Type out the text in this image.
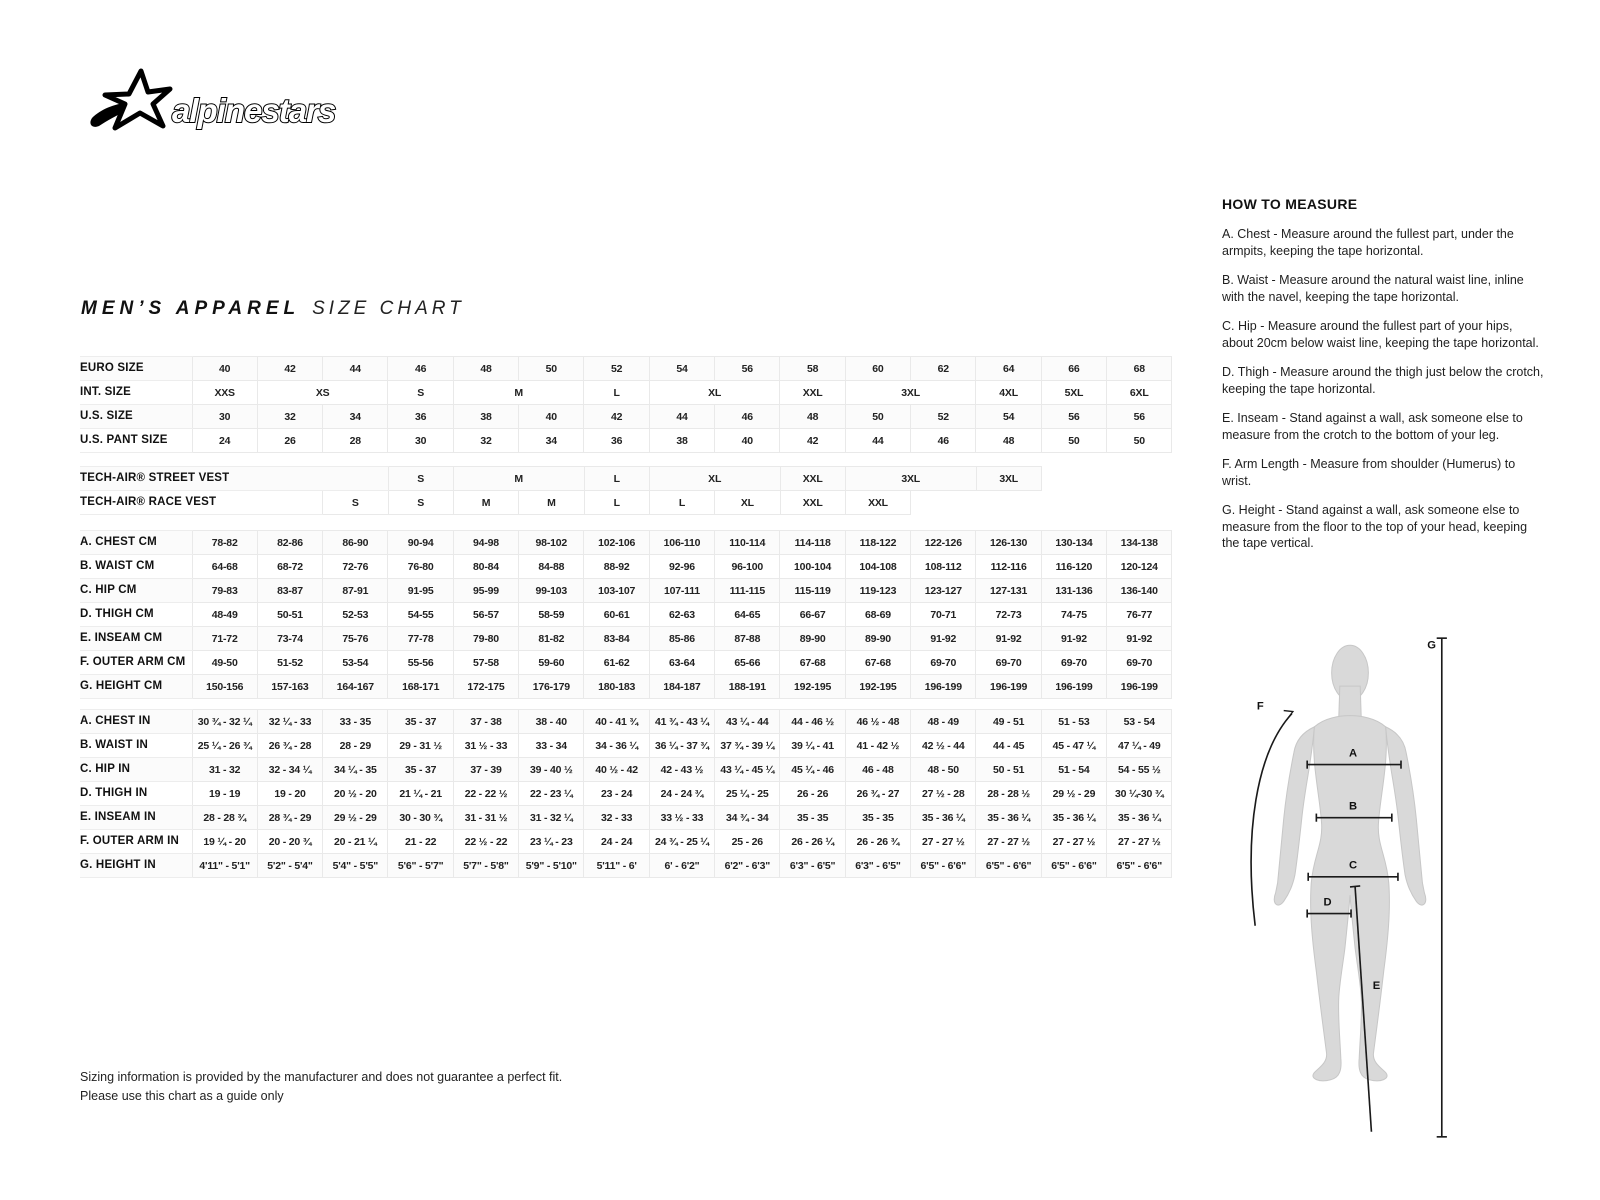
alpinestars
MEN’S APPAREL SIZE CHART
EURO SIZE	40	42	44	46	48	50	52	54	56	58	60	62	64	66	68
INT. SIZE	XXS	XS		S	M		L	XL		XXL	3XL		4XL	5XL	6XL
U.S. SIZE	30	32	34	36	38	40	42	44	46	48	50	52	54	56	56
U.S. PANT SIZE	24	26	28	30	32	34	36	38	40	42	44	46	48	50	50
TECH-AIR® STREET VEST		S	M		L	XL		XXL	3XL		3XL	
TECH-AIR® RACE VEST	S	S	M	M	L	L	XL	XXL	XXL			
A. CHEST CM	78-82	82-86	86-90	90-94	94-98	98-102	102-106	106-110	110-114	114-118	118-122	122-126	126-130	130-134	134-138
B. WAIST CM	64-68	68-72	72-76	76-80	80-84	84-88	88-92	92-96	96-100	100-104	104-108	108-112	112-116	116-120	120-124
C. HIP CM	79-83	83-87	87-91	91-95	95-99	99-103	103-107	107-111	111-115	115-119	119-123	123-127	127-131	131-136	136-140
D. THIGH CM	48-49	50-51	52-53	54-55	56-57	58-59	60-61	62-63	64-65	66-67	68-69	70-71	72-73	74-75	76-77
E. INSEAM CM	71-72	73-74	75-76	77-78	79-80	81-82	83-84	85-86	87-88	89-90	89-90	91-92	91-92	91-92	91-92
F. OUTER ARM CM	49-50	51-52	53-54	55-56	57-58	59-60	61-62	63-64	65-66	67-68	67-68	69-70	69-70	69-70	69-70
G. HEIGHT CM	150-156	157-163	164-167	168-171	172-175	176-179	180-183	184-187	188-191	192-195	192-195	196-199	196-199	196-199	196-199
A. CHEST IN	30 ¾ - 32 ¼	32 ¼ - 33	33 - 35	35 - 37	37 - 38	38 - 40	40 - 41 ¾	41 ¾ - 43 ¼	43 ¼ - 44	44 - 46 ½	46 ½ - 48	48 - 49	49 - 51	51 - 53	53 - 54
B. WAIST IN	25 ¼ - 26 ¾	26 ¾ - 28	28 - 29	29 - 31 ½	31 ½ - 33	33 - 34	34 - 36 ¼	36 ¼ - 37 ¾	37 ¾ - 39 ¼	39 ¼ - 41	41 - 42 ½	42 ½ - 44	44 - 45	45 - 47 ¼	47 ¼ - 49
C. HIP IN	31 - 32	32 - 34 ¼	34 ¼ - 35	35 - 37	37 - 39	39 - 40 ½	40 ½ - 42	42 - 43 ½	43 ¼ - 45 ¼	45 ¼ - 46	46 - 48	48 - 50	50 - 51	51 - 54	54 - 55 ½
D. THIGH IN	19 - 19	19 - 20	20 ½ - 20	21 ¼ - 21	22 - 22 ½	22 - 23 ¼	23 - 24	24 - 24 ¾	25 ¼ - 25	26 - 26	26 ¾ - 27	27 ½ - 28	28 - 28 ½	29 ½ - 29	30 ¼-30 ¾
E. INSEAM IN	28 - 28 ¾	28 ¾ - 29	29 ½ - 29	30 - 30 ¾	31 - 31 ½	31 - 32 ¼	32 - 33	33 ½ - 33	34 ¾ - 34	35 - 35	35 - 35	35 - 36 ¼	35 - 36 ¼	35 - 36 ¼	35 - 36 ¼
F. OUTER ARM IN	19 ¼ - 20	20 - 20 ¾	20 - 21 ¼	21 - 22	22 ½ - 22	23 ¼ - 23	24 - 24	24 ¾ - 25 ¼	25 - 26	26 - 26 ¼	26 - 26 ¾	27 - 27 ½	27 - 27 ½	27 - 27 ½	27 - 27 ½
G. HEIGHT IN	4'11" - 5'1"	5'2" - 5'4"	5'4" - 5'5"	5'6" - 5'7"	5'7" - 5'8"	5'9" - 5'10"	5'11" - 6'	6' - 6'2"	6'2" - 6'3"	6'3" - 6'5"	6'3" - 6'5"	6'5" - 6'6"	6'5" - 6'6"	6'5" - 6'6"	6'5" - 6'6"
HOW TO MEASURE
A. Chest - Measure around the fullest part, under the armpits, keeping the tape horizontal.
B. Waist - Measure around the natural waist line, inline with the navel, keeping the tape horizontal.
C. Hip - Measure around the fullest part of your hips, about 20cm below waist line, keeping the tape horizontal.
D. Thigh - Measure around the thigh just below the crotch, keeping the tape horizontal.
E. Inseam - Stand against a wall, ask someone else to measure from the crotch to the bottom of your leg.
F. Arm Length - Measure from shoulder (Humerus) to wrist.
G. Height - Stand against a wall, ask someone else to measure from the floor to the top of your head, keeping the tape vertical.
A
B
C
D
E
F
G
Sizing information is provided by the manufacturer and does not guarantee a perfect fit.
Please use this chart as a guide only
